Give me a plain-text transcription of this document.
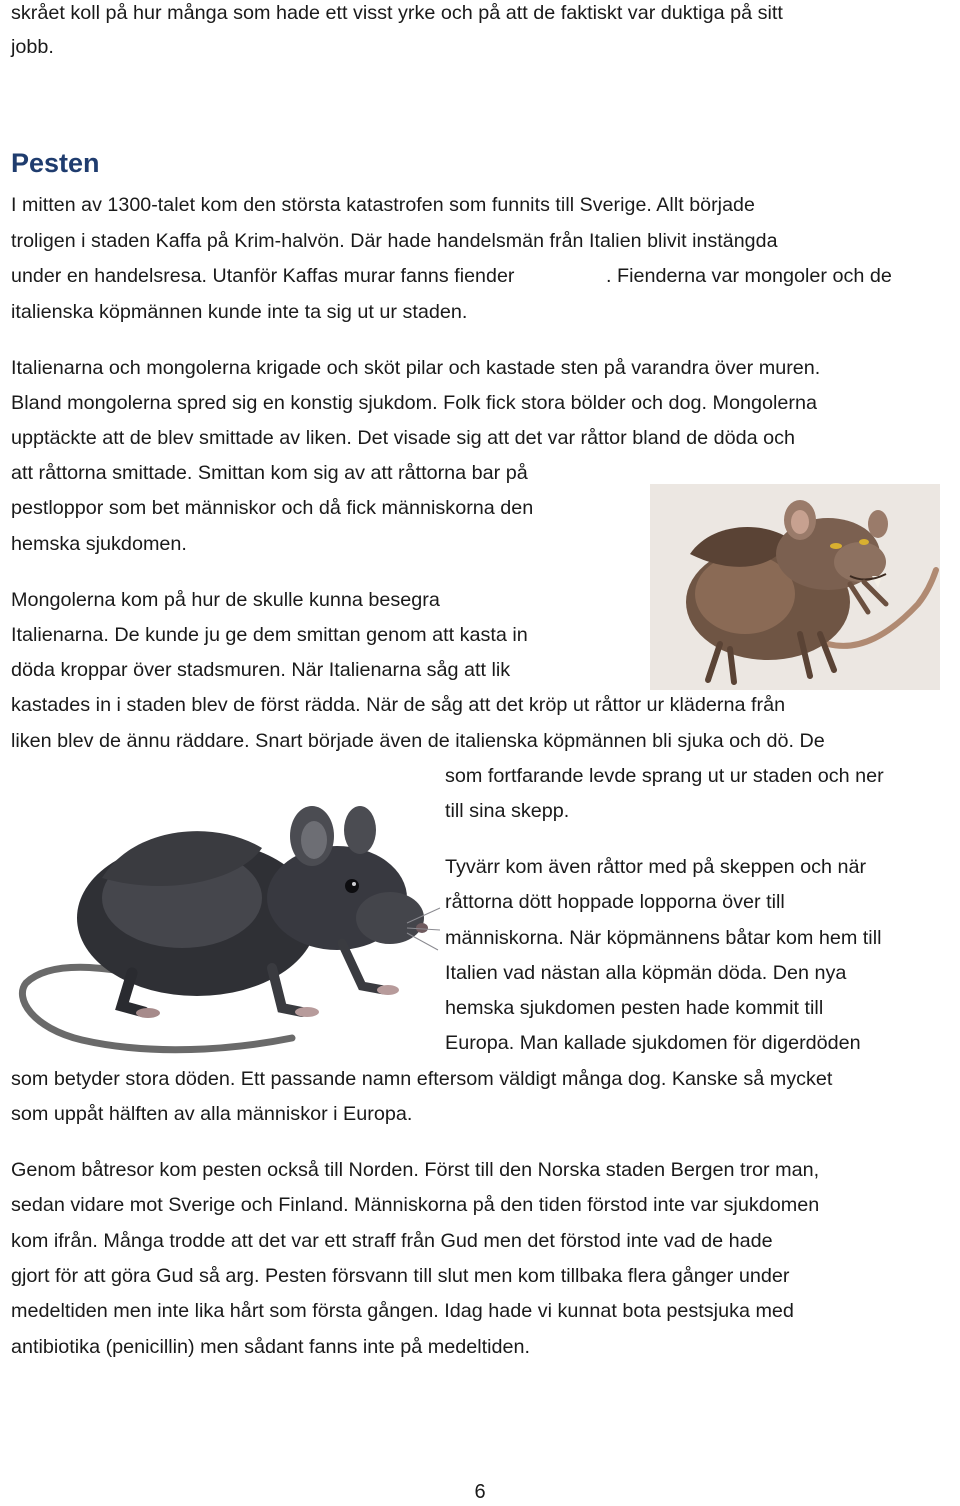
skrået koll på hur många som hade ett visst yrke och på att de faktiskt var duktiga på sitt

jobb.

Pesten

I mitten av 1300-talet kom den största katastrofen som funnits till Sverige. Allt började

troligen i staden Kaffa på Krim-halvön. Där hade handelsmän från Italien blivit instängda

under en handelsresa. Utanför Kaffas murar fanns fiender	. Fienderna var mongoler och de

italienska köpmännen kunde inte ta sig ut ur staden.

Italienarna och mongolerna krigade och sköt pilar och kastade sten på varandra över muren.

Bland mongolerna spred sig en konstig sjukdom. Folk fick stora bölder och dog. Mongolerna

upptäckte att de blev smittade av liken. Det visade sig att det var råttor bland de döda och

att råttorna smittade. Smittan kom sig av att råttorna bar på

pestloppor som bet människor och då fick människorna den

hemska sjukdomen.

Mongolerna kom på hur de skulle kunna besegra

Italienarna. De kunde ju ge dem smittan genom att kasta in

döda kroppar över stadsmuren. När Italienarna såg att lik

kastades in i staden blev de först rädda. När de såg att det kröp ut råttor ur kläderna från

liken blev de ännu räddare. Snart började även de italienska köpmännen bli sjuka och dö. De

som fortfarande levde sprang ut ur staden och ner

till sina skepp.

Tyvärr kom även råttor med på skeppen och när

råttorna dött hoppade lopporna över till

människorna. När köpmännens båtar kom hem till

Italien vad nästan alla köpmän döda. Den nya

hemska sjukdomen pesten hade kommit till

Europa. Man kallade sjukdomen för digerdöden

som betyder stora döden. Ett passande namn eftersom väldigt många dog. Kanske så mycket

som uppåt hälften av alla människor i Europa.

Genom båtresor kom pesten också till Norden. Först till den Norska staden Bergen tror man,

sedan vidare mot Sverige och Finland. Människorna på den tiden förstod inte var sjukdomen

kom ifrån. Många trodde att det var ett straff från Gud men det förstod inte vad de hade

gjort för att göra Gud så arg. Pesten försvann till slut men kom tillbaka flera gånger under

medeltiden men inte lika hårt som första gången. Idag hade vi kunnat bota pestsjuka med

antibiotika (penicillin) men sådant fanns inte på medeltiden.

6
